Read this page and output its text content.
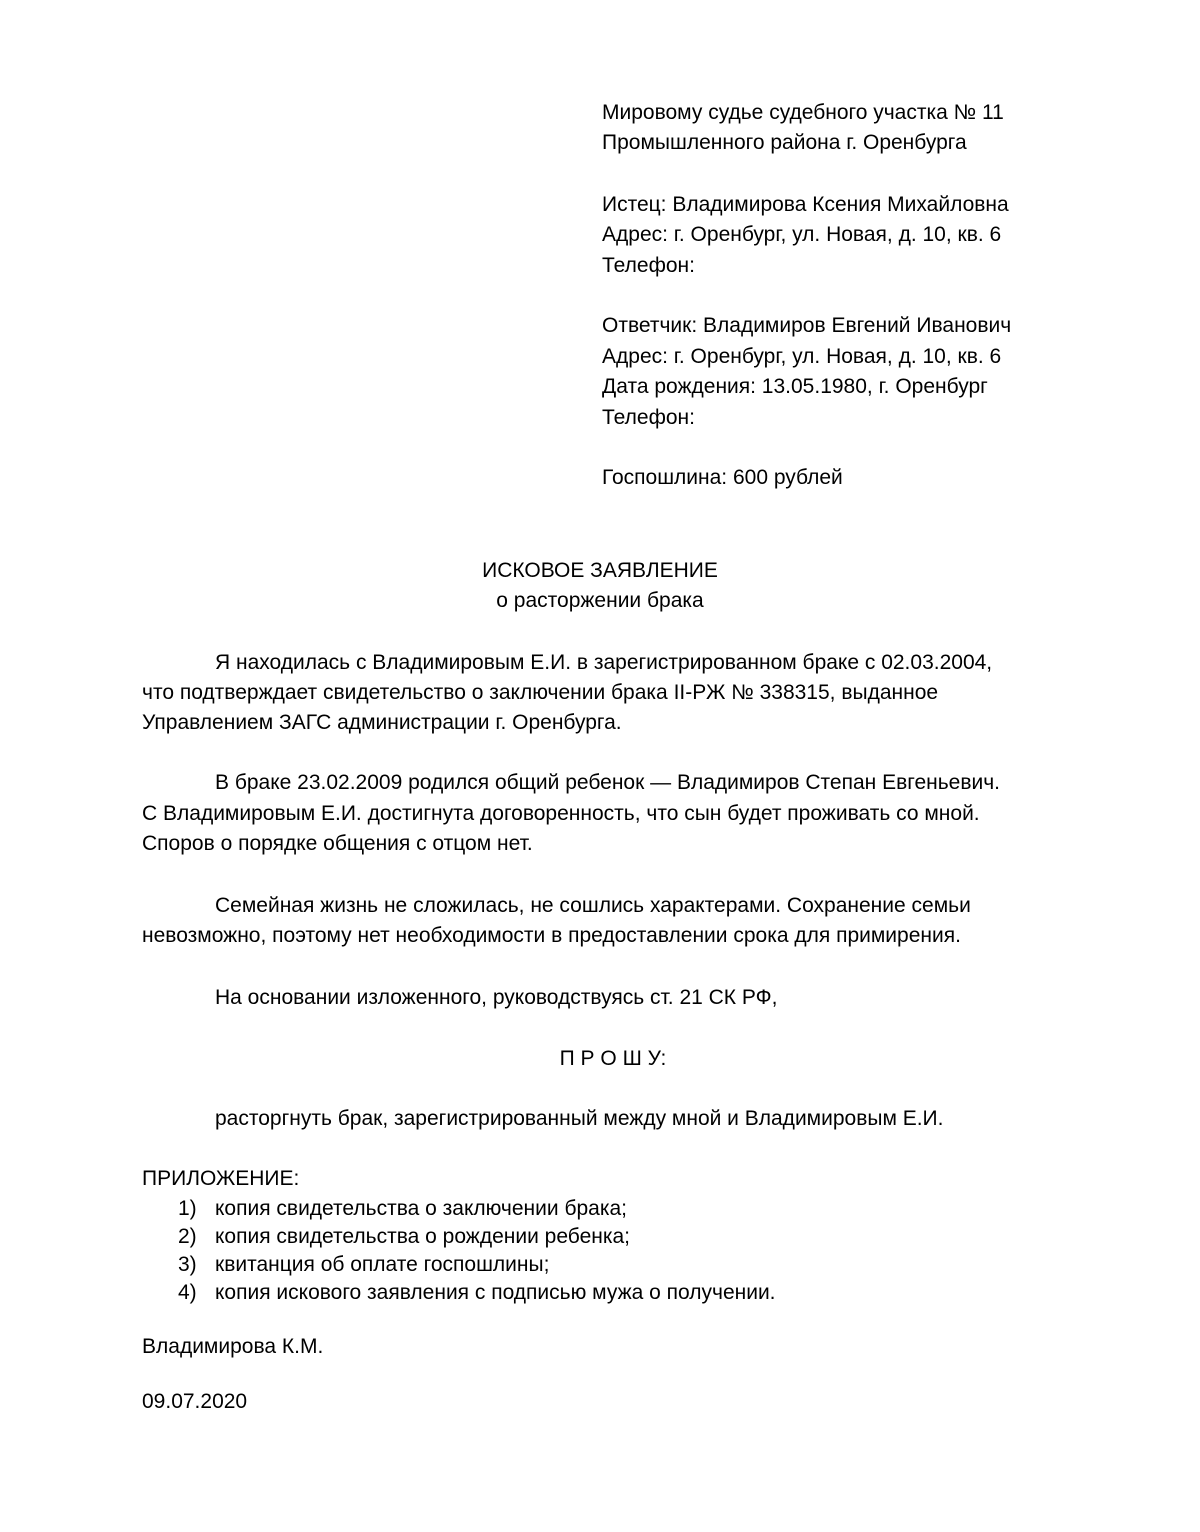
Мировому судье судебного участка № 11
Промышленного района г. Оренбурга
Истец: Владимирова Ксения Михайловна
Адрес: г. Оренбург, ул. Новая, д. 10, кв. 6
Телефон:
Ответчик: Владимиров Евгений Иванович
Адрес: г. Оренбург, ул. Новая, д. 10, кв. 6
Дата рождения: 13.05.1980, г. Оренбург
Телефон:
Госпошлина: 600 рублей
ИСКОВОЕ ЗАЯВЛЕНИЕ
о расторжении брака
Я находилась с Владимировым Е.И. в зарегистрированном браке с 02.03.2004,
что подтверждает свидетельство о заключении брака II-РЖ № 338315, выданное
Управлением ЗАГС администрации г. Оренбурга.
В браке 23.02.2009 родился общий ребенок — Владимиров Степан Евгеньевич.
С Владимировым Е.И. достигнута договоренность, что сын будет проживать со мной.
Споров о порядке общения с отцом нет.
Семейная жизнь не сложилась, не сошлись характерами. Сохранение семьи
невозможно, поэтому нет необходимости в предоставлении срока для примирения.
На основании изложенного, руководствуясь ст. 21 СК РФ,
П Р О Ш У:
расторгнуть брак, зарегистрированный между мной и Владимировым Е.И.
ПРИЛОЖЕНИЕ:
1) копия свидетельства о заключении брака;
2) копия свидетельства о рождении ребенка;
3) квитанция об оплате госпошлины;
4) копия искового заявления с подписью мужа о получении.
Владимирова К.М.
09.07.2020
